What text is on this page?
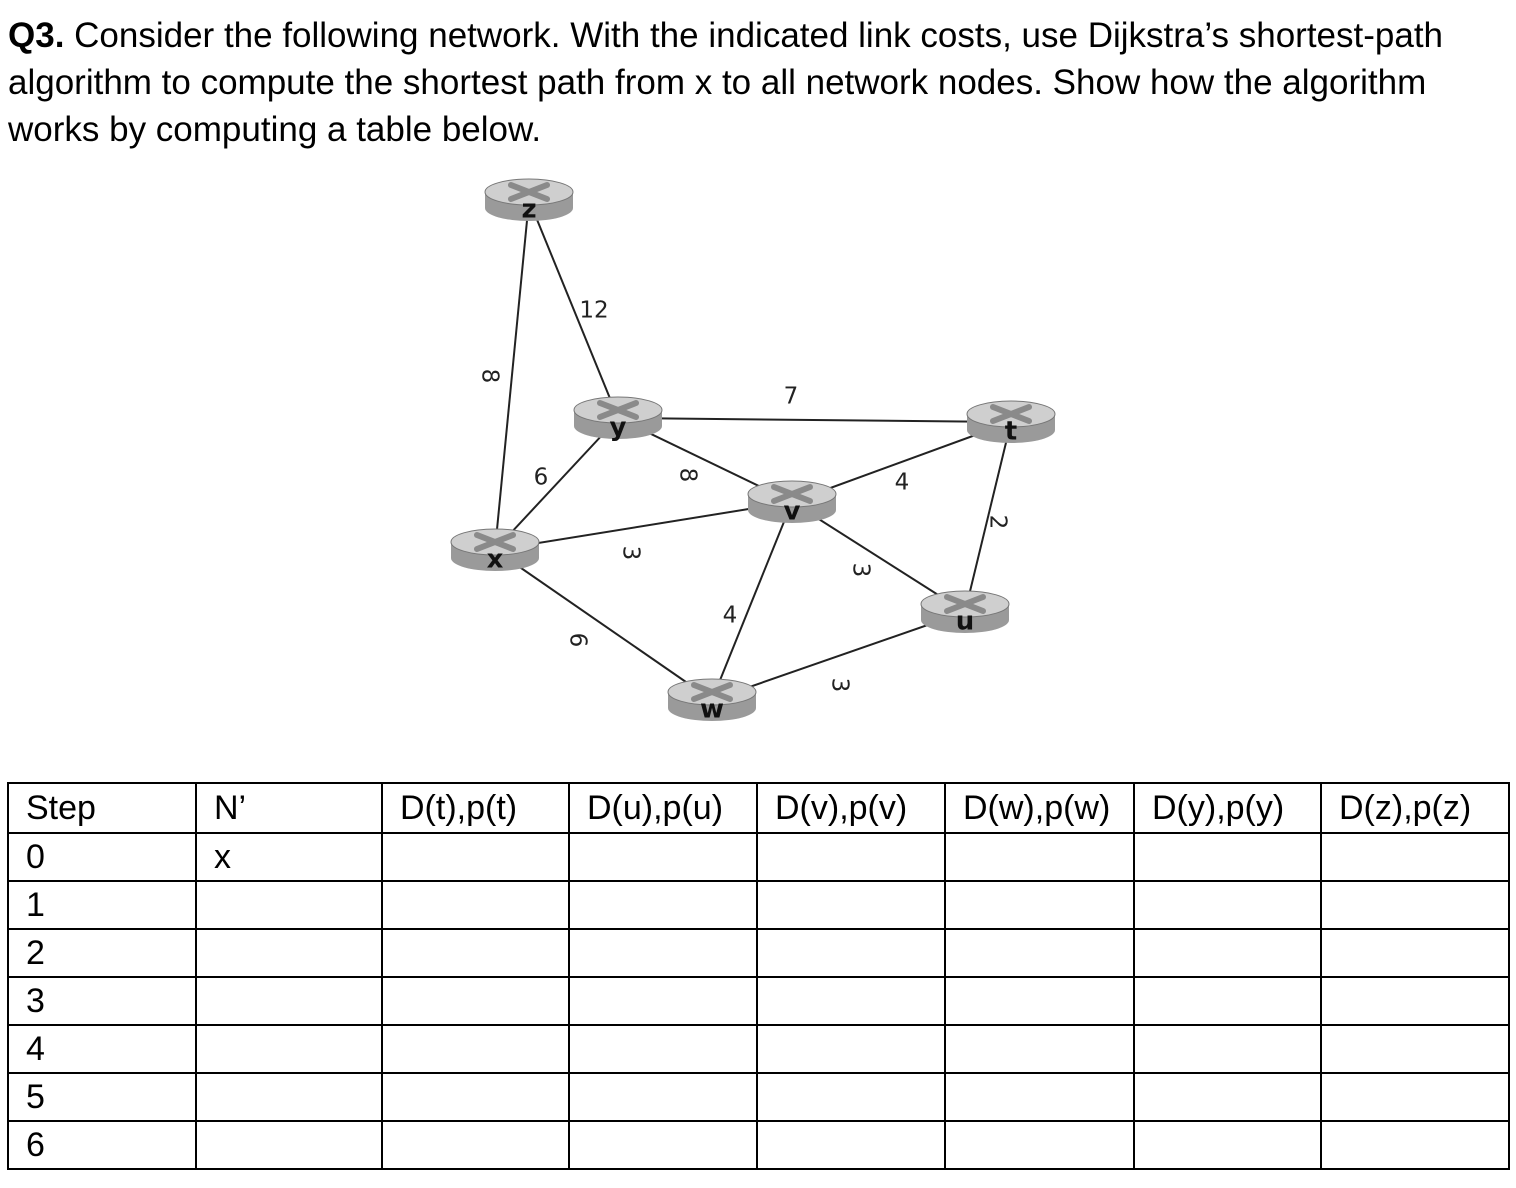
Q3. Consider the following network. With the indicated link costs, use Dijkstra’s shortest-path algorithm to compute the shortest path from x to all network nodes. Show how the algorithm works by computing a table below.
8
12
7
6	8
3
6
4
3
4
2
3
z
y	t
v
x
u
w
Step	N’	D(t),p(t)	D(u),p(u)	D(v),p(v)	D(w),p(w)	D(y),p(y)	D(z),p(z)
0	x						
1							
2							
3							
4							
5							
6							
